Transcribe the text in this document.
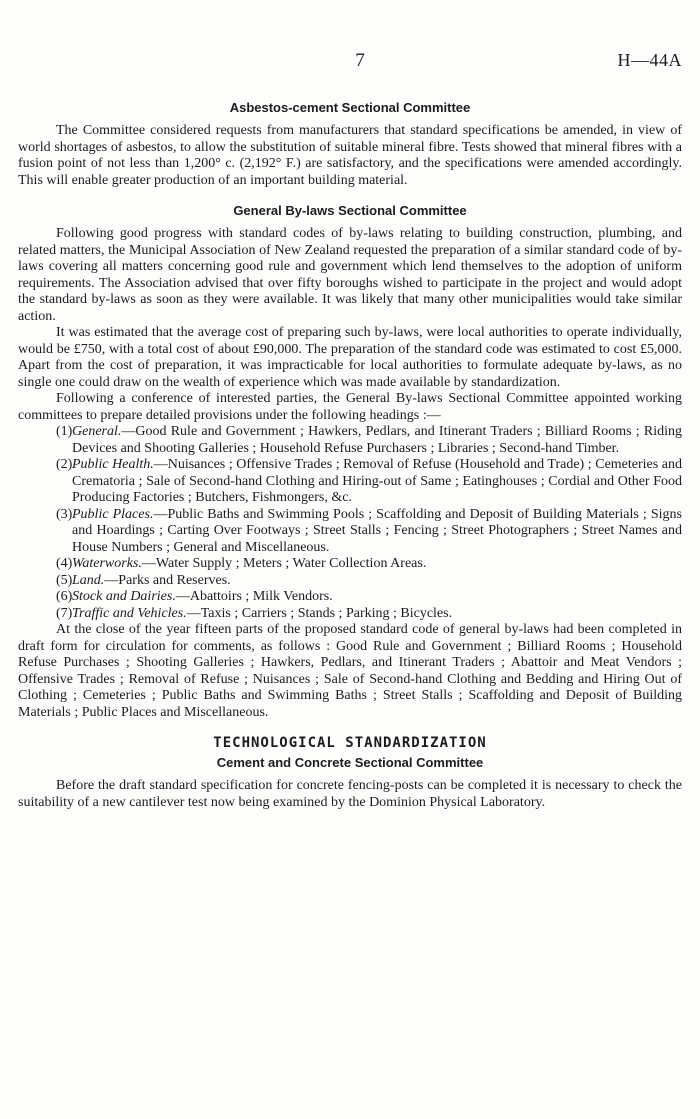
7	H—44A
Asbestos-cement Sectional Committee

The Committee considered requests from manufacturers that standard specifications be amended, in view of world shortages of asbestos, to allow the substitution of suitable mineral fibre. Tests showed that mineral fibres with a fusion point of not less than 1,200° c. (2,192° F.) are satisfactory, and the specifications were amended accordingly. This will enable greater production of an important building material.

General By-laws Sectional Committee

Following good progress with standard codes of by-laws relating to building construction, plumbing, and related matters, the Municipal Association of New Zealand requested the preparation of a similar standard code of by-laws covering all matters concerning good rule and government which lend themselves to the adoption of uniform requirements. The Association advised that over fifty boroughs wished to participate in the project and would adopt the standard by-laws as soon as they were available. It was likely that many other municipalities would take similar action.

It was estimated that the average cost of preparing such by-laws, were local authorities to operate individually, would be £750, with a total cost of about £90,000. The preparation of the standard code was estimated to cost £5,000. Apart from the cost of preparation, it was impracticable for local authorities to formulate adequate by-laws, as no single one could draw on the wealth of experience which was made available by standardization.

Following a conference of interested parties, the General By-laws Sectional Committee appointed working committees to prepare detailed provisions under the following headings :—

(1) General.—Good Rule and Government ; Hawkers, Pedlars, and Itinerant Traders ; Billiard Rooms ; Riding Devices and Shooting Galleries ; Household Refuse Purchasers ; Libraries ; Second-hand Timber.
(2) Public Health.—Nuisances ; Offensive Trades ; Removal of Refuse (Household and Trade) ; Cemeteries and Crematoria ; Sale of Second-hand Clothing and Hiring-out of Same ; Eatinghouses ; Cordial and Other Food Producing Factories ; Butchers, Fishmongers, &c.
(3) Public Places.—Public Baths and Swimming Pools ; Scaffolding and Deposit of Building Materials ; Signs and Hoardings ; Carting Over Footways ; Street Stalls ; Fencing ; Street Photographers ; Street Names and House Numbers ; General and Miscellaneous.
(4) Waterworks.—Water Supply ; Meters ; Water Collection Areas.
(5) Land.—Parks and Reserves.
(6) Stock and Dairies.—Abattoirs ; Milk Vendors.
(7) Traffic and Vehicles.—Taxis ; Carriers ; Stands ; Parking ; Bicycles.

At the close of the year fifteen parts of the proposed standard code of general by-laws had been completed in draft form for circulation for comments, as follows : Good Rule and Government ; Billiard Rooms ; Household Refuse Purchases ; Shooting Galleries ; Hawkers, Pedlars, and Itinerant Traders ; Abattoir and Meat Vendors ; Offensive Trades ; Removal of Refuse ; Nuisances ; Sale of Second-hand Clothing and Bedding and Hiring Out of Clothing ; Cemeteries ; Public Baths and Swimming Baths ; Street Stalls ; Scaffolding and Deposit of Building Materials ; Public Places and Miscellaneous.

TECHNOLOGICAL STANDARDIZATION
Cement and Concrete Sectional Committee

Before the draft standard specification for concrete fencing-posts can be completed it is necessary to check the suitability of a new cantilever test now being examined by the Dominion Physical Laboratory.
